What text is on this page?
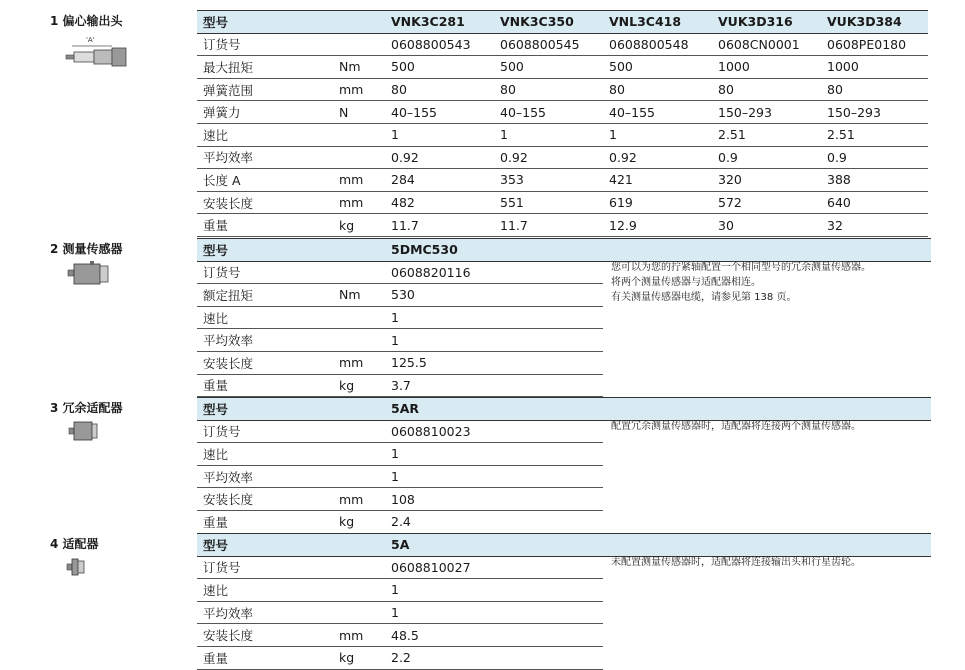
1 偏心输出头
'A'
型号		VNK3C281	VNK3C350	VNL3C418	VUK3D316	VUK3D384
订货号		0608800543	0608800545	0608800548	0608CN0001	0608PE0180
最大扭矩	Nm	500	500	500	1000	1000
弹簧范围	mm	80	80	80	80	80
弹簧力	N	40–155	40–155	40–155	150–293	150–293
速比		1	1	1	2.51	2.51
平均效率		0.92	0.92	0.92	0.9	0.9
长度 A	mm	284	353	421	320	388
安装长度	mm	482	551	619	572	640
重量	kg	11.7	11.7	12.9	30	32
2 测量传感器	型号		5DMC530
订货号		0608820116
额定扭矩	Nm	530
速比		1
平均效率		1
安装长度	mm	125.5
重量	kg	3.7
您可以为您的拧紧轴配置一个相同型号的冗余测量传感器。
将两个测量传感器与适配器相连。
有关测量传感器电缆，请参见第 138 页。
3 冗余适配器	型号		5AR
订货号		0608810023
速比		1
平均效率		1
安装长度	mm	108
重量	kg	2.4
配置冗余测量传感器时，适配器将连接两个测量传感器。
4 适配器	型号		5A
订货号		0608810027
速比		1
平均效率		1
安装长度	mm	48.5
重量	kg	2.2
未配置测量传感器时，适配器将连接输出头和行星齿轮。
